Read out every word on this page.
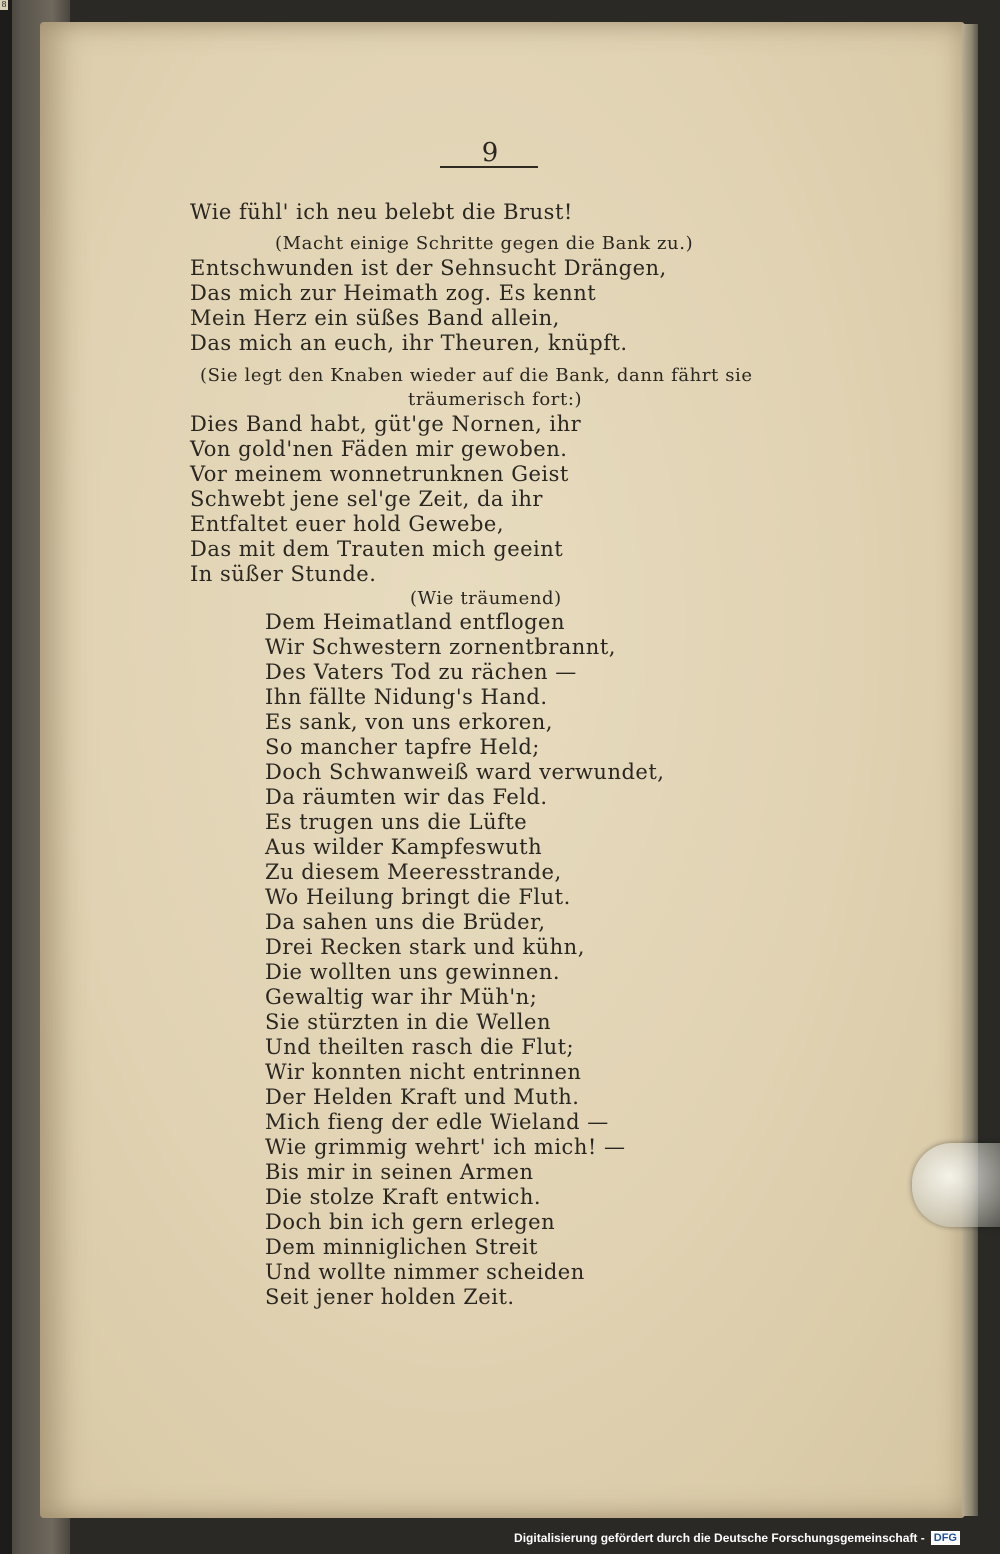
8
9
Wie fühl' ich neu belebt die Brust!
(Macht einige Schritte gegen die Bank zu.)
Entschwunden ist der Sehnsucht Drängen,
Das mich zur Heimath zog. Es kennt
Mein Herz ein süßes Band allein,
Das mich an euch, ihr Theuren, knüpft.
(Sie legt den Knaben wieder auf die Bank, dann fährt sie
träumerisch fort:)
Dies Band habt, güt'ge Nornen, ihr
Von gold'nen Fäden mir gewoben.
Vor meinem wonnetrunknen Geist
Schwebt jene sel'ge Zeit, da ihr
Entfaltet euer hold Gewebe,
Das mit dem Trauten mich geeint
In süßer Stunde.
(Wie träumend)
Dem Heimatland entflogen
Wir Schwestern zornentbrannt,
Des Vaters Tod zu rächen —
Ihn fällte Nidung's Hand.
Es sank, von uns erkoren,
So mancher tapfre Held;
Doch Schwanweiß ward verwundet,
Da räumten wir das Feld.
Es trugen uns die Lüfte
Aus wilder Kampfeswuth
Zu diesem Meeresstrande,
Wo Heilung bringt die Flut.
Da sahen uns die Brüder,
Drei Recken stark und kühn,
Die wollten uns gewinnen.
Gewaltig war ihr Müh'n;
Sie stürzten in die Wellen
Und theilten rasch die Flut;
Wir konnten nicht entrinnen
Der Helden Kraft und Muth.
Mich fieng der edle Wieland —
Wie grimmig wehrt' ich mich! —
Bis mir in seinen Armen
Die stolze Kraft entwich.
Doch bin ich gern erlegen
Dem minniglichen Streit
Und wollte nimmer scheiden
Seit jener holden Zeit.
Digitalisierung gefördert durch die Deutsche Forschungsgemeinschaft - DFG
